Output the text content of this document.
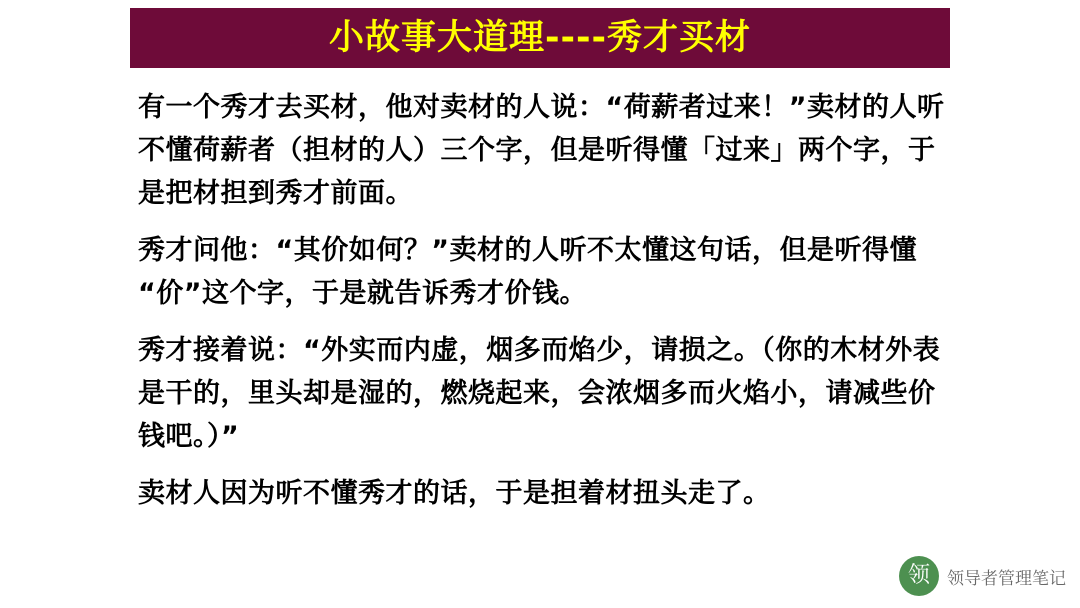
小故事大道理----秀才买材

有一个秀才去买材，他对卖材的人说：“荷薪者过来！”卖材的人听不懂荷薪者（担材的人）三个字，但是听得懂「过来」两个字，于是把材担到秀才前面。

秀才问他：“其价如何？”卖材的人听不太懂这句话，但是听得懂“价”这个字，于是就告诉秀才价钱。

秀才接着说：“外实而内虚，烟多而焰少，请损之。（你的木材外表是干的，里头却是湿的，燃烧起来，会浓烟多而火焰小，请减些价钱吧。）”

卖材人因为听不懂秀才的话，于是担着材扭头走了。

领	领导者管理笔记
